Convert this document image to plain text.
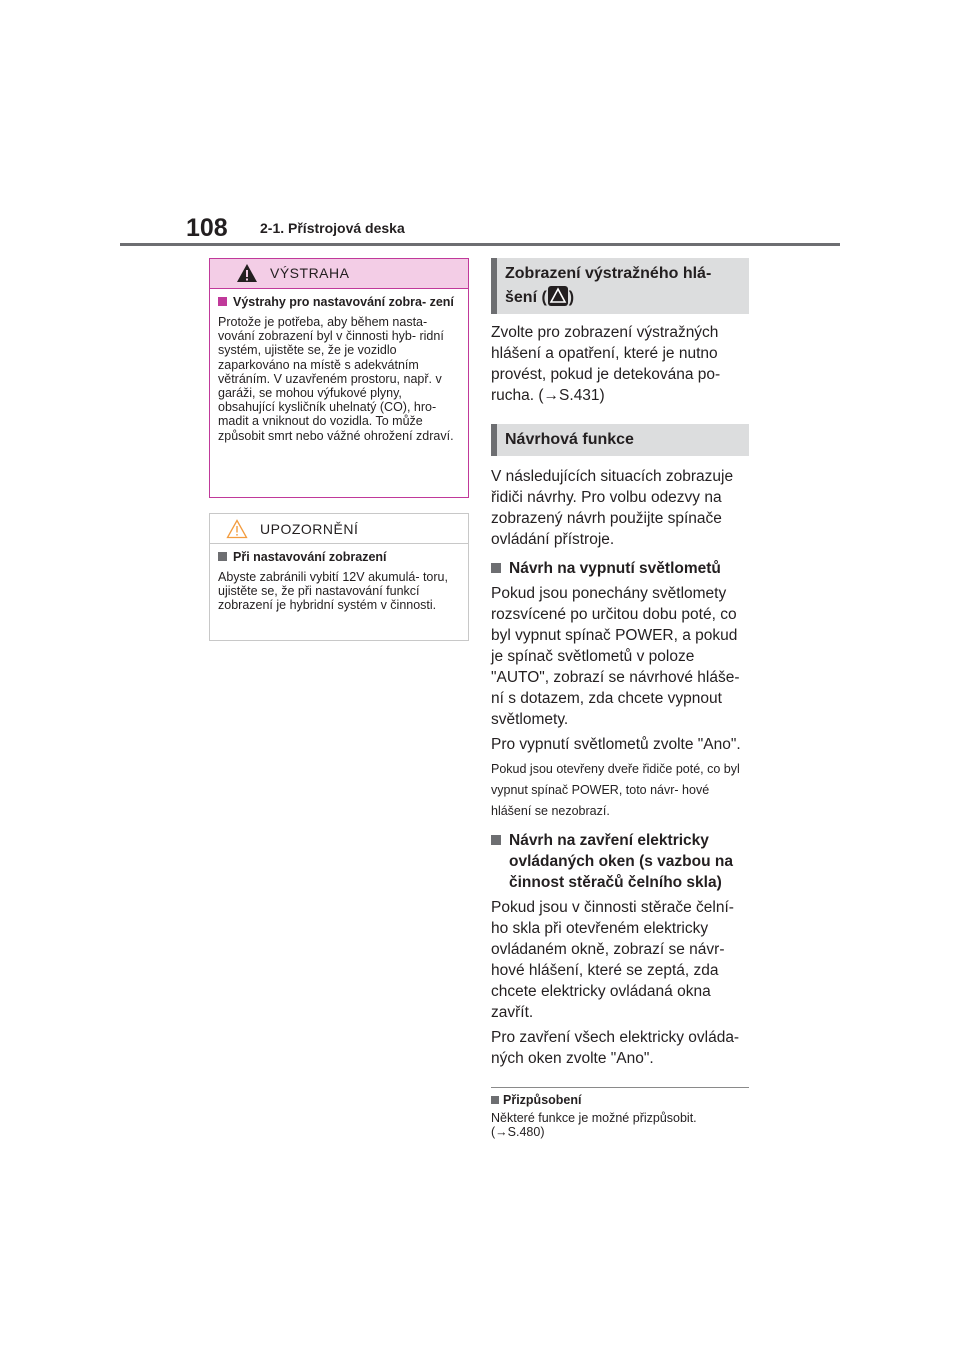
108 2-1. Přístrojová deska
VÝSTRAHA
Výstrahy pro nastavování zobra- zení
Protože je potřeba, aby během nasta- vování zobrazení byl v činnosti hyb- ridní systém, ujistěte se, že je vozidlo zaparkováno na místě s adekvátním větráním. V uzavřeném prostoru, např. v garáži, se mohou výfukové plyny, obsahující kysličník uhelnatý (CO), hro- madit a vniknout do vozidla. To může způsobit smrt nebo vážné ohrožení zdraví.
UPOZORNĚNÍ
Při nastavování zobrazení
Abyste zabránili vybití 12V akumulá- toru, ujistěte se, že při nastavování funkcí zobrazení je hybridní systém v činnosti.
Zobrazení výstražného hlá-
šení ( )
Zvolte pro zobrazení výstražných hlášení a opatření, které je nutno provést, pokud je detekována po- rucha. (→S.431)
Návrhová funkce
V následujících situacích zobrazuje řidiči návrhy. Pro volbu odezvy na zobrazený návrh použijte spínače ovládání přístroje.
Návrh na vypnutí světlometů
Pokud jsou ponechány světlomety rozsvícené po určitou dobu poté, co byl vypnut spínač POWER, a pokud je spínač světlometů v poloze "AUTO", zobrazí se návrhové hláše- ní s dotazem, zda chcete vypnout světlomety.
Pro vypnutí světlometů zvolte "Ano".
Pokud jsou otevřeny dveře řidiče poté, co byl vypnut spínač POWER, toto návr- hové hlášení se nezobrazí.
Návrh na zavření elektricky ovládaných oken (s vazbou na činnost stěračů čelního skla)
Pokud jsou v činnosti stěrače čelní- ho skla při otevřeném elektricky ovládaném okně, zobrazí se návr- hové hlášení, které se zeptá, zda chcete elektricky ovládaná okna zavřít.
Pro zavření všech elektricky ovláda- ných oken zvolte "Ano".
Přizpůsobení
Některé funkce je možné přizpůsobit. (→S.480)
